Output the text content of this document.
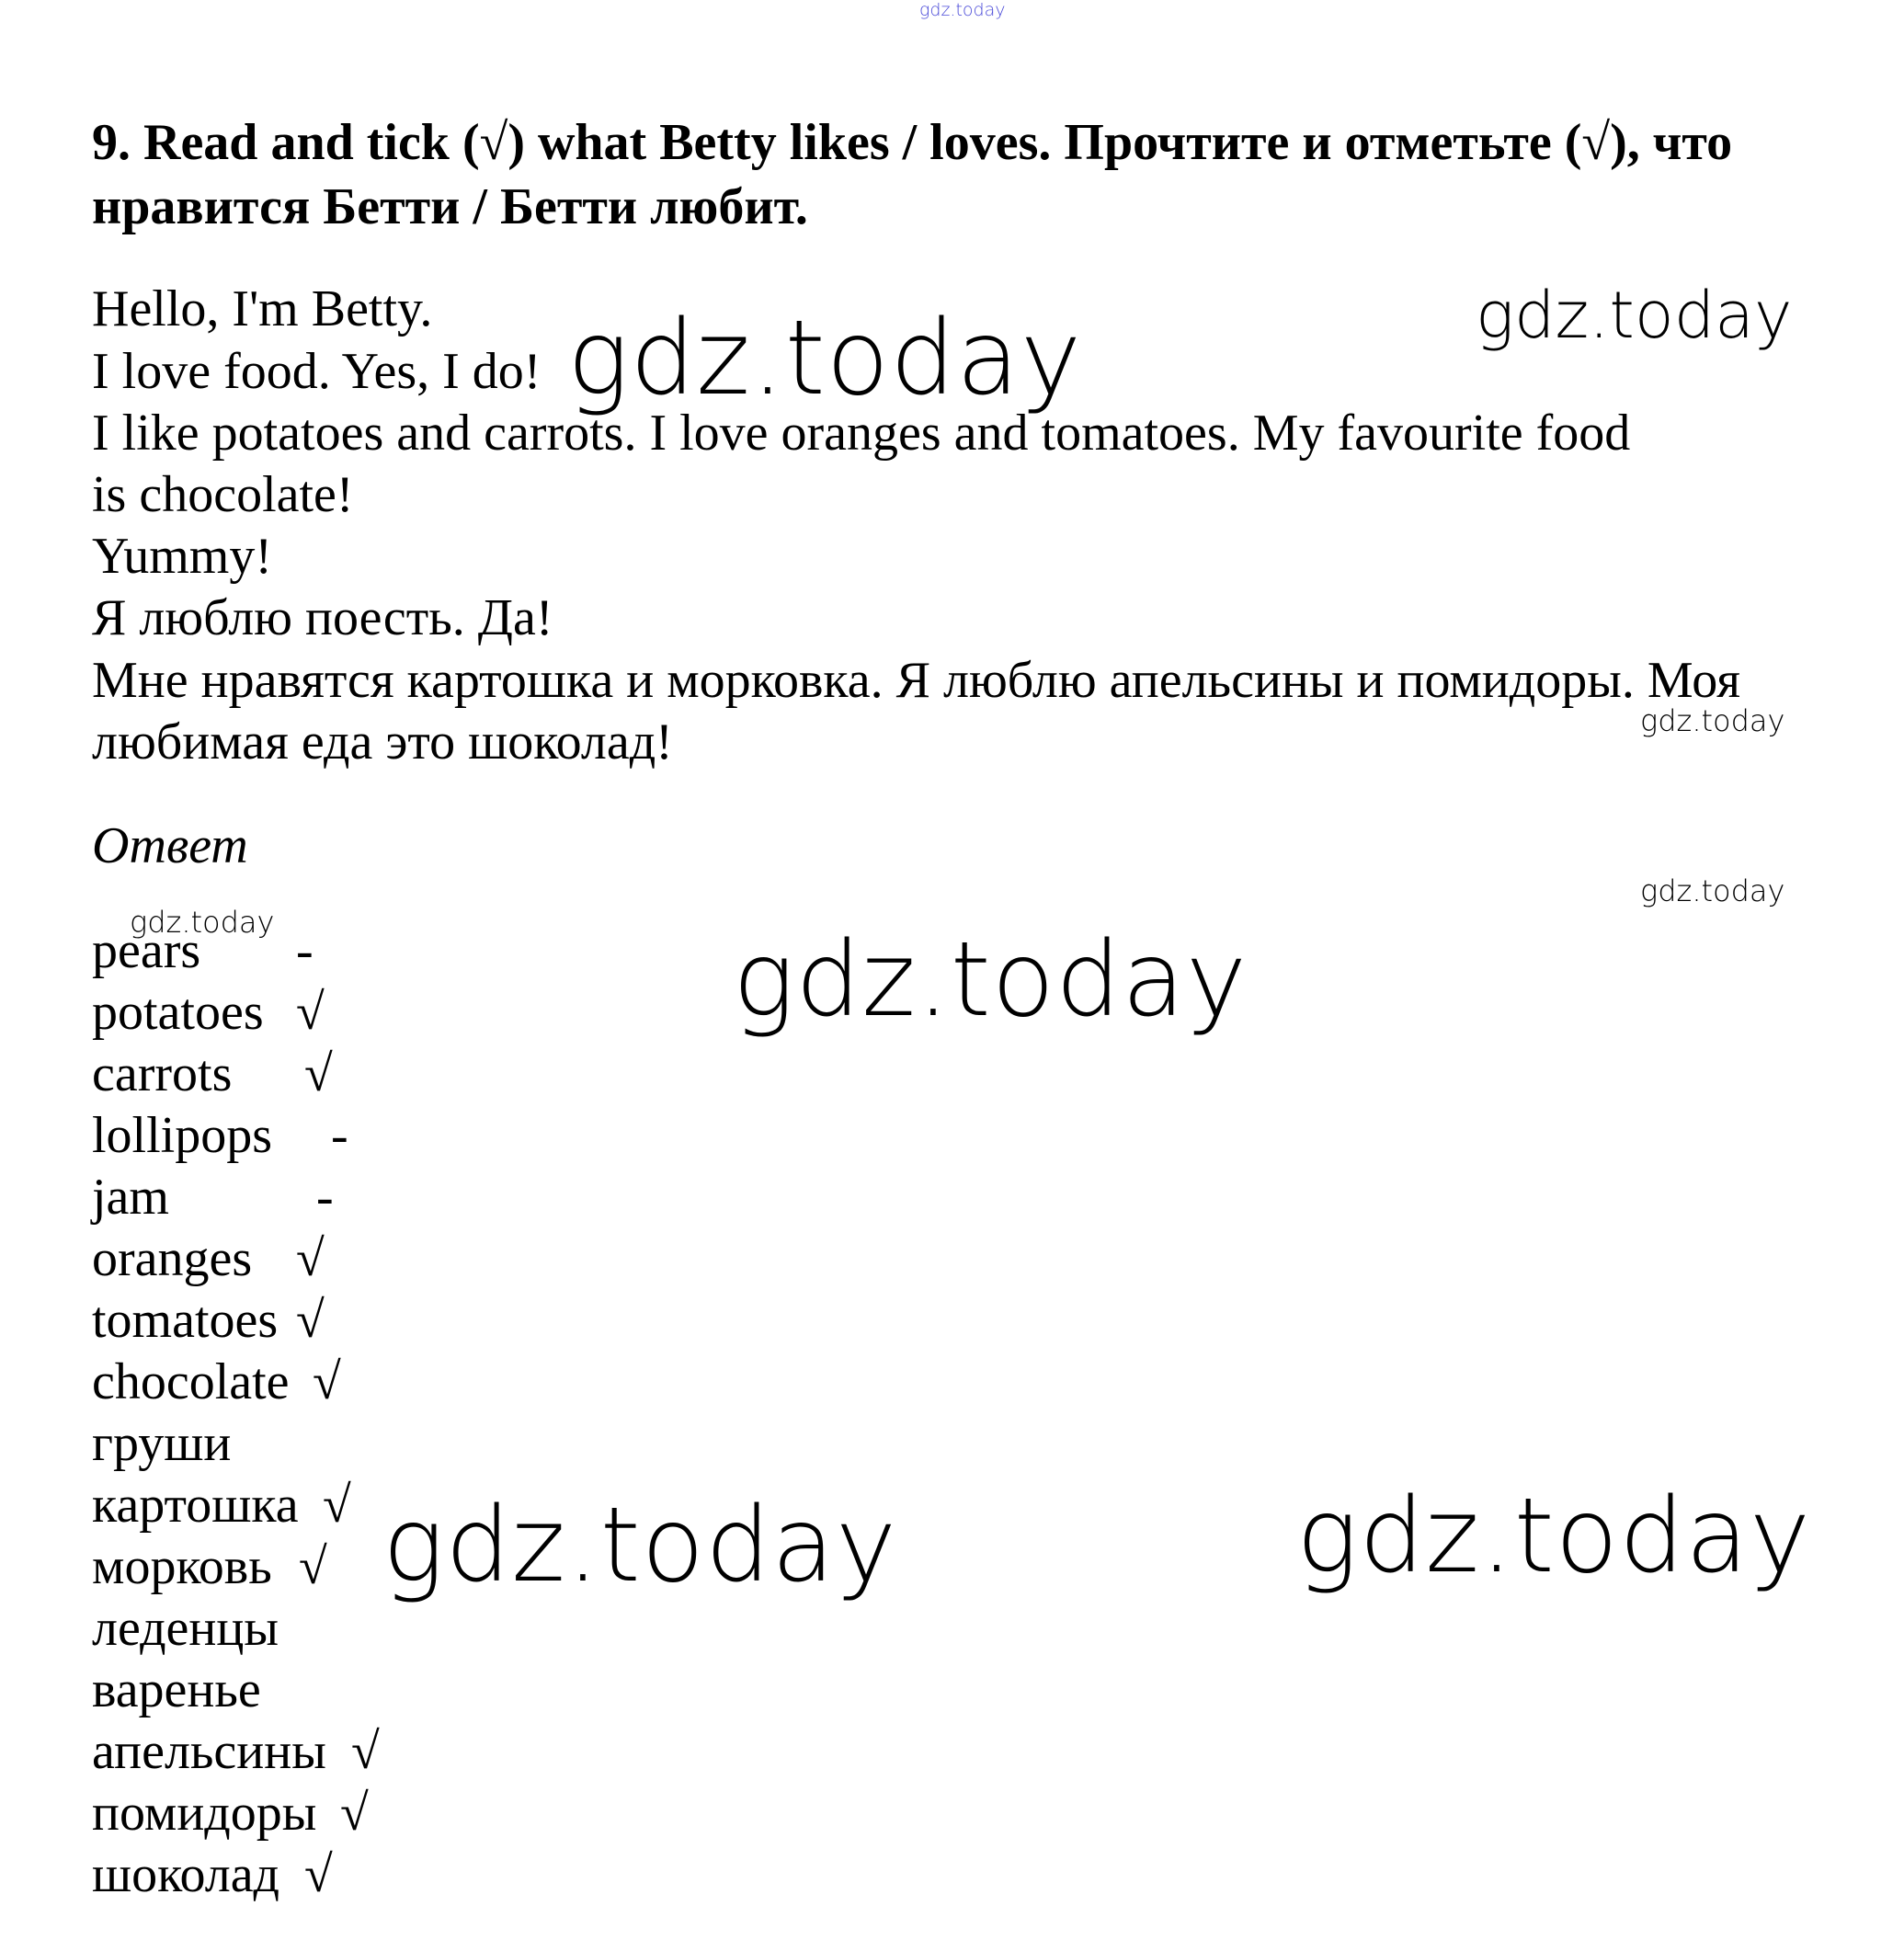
gdz.today
gdz.today
gdz.today
gdz.today
gdz.today
gdz.today	gdz.today
gdz.today	gdz.today
9. Read and tick (√) what Betty likes / loves. Прочтите и отметьте (√), что нравится Бетти / Бетти любит.
Hello, I'm Betty.
I love food. Yes, I do!
I like potatoes and carrots. I love oranges and tomatoes. My favourite food
is chocolate!
Yummy!
Я люблю поесть. Да!
Мне нравятся картошка и морковка. Я люблю апельсины и помидоры. Моя
любимая еда это шоколад!
Ответ
pears -
potatoes √
carrots √
lollipops -
jam	-
oranges √
tomatoes √
chocolate √
груши
картошка √
морковь √
леденцы
варенье
апельсины √
помидоры √
шоколад √
